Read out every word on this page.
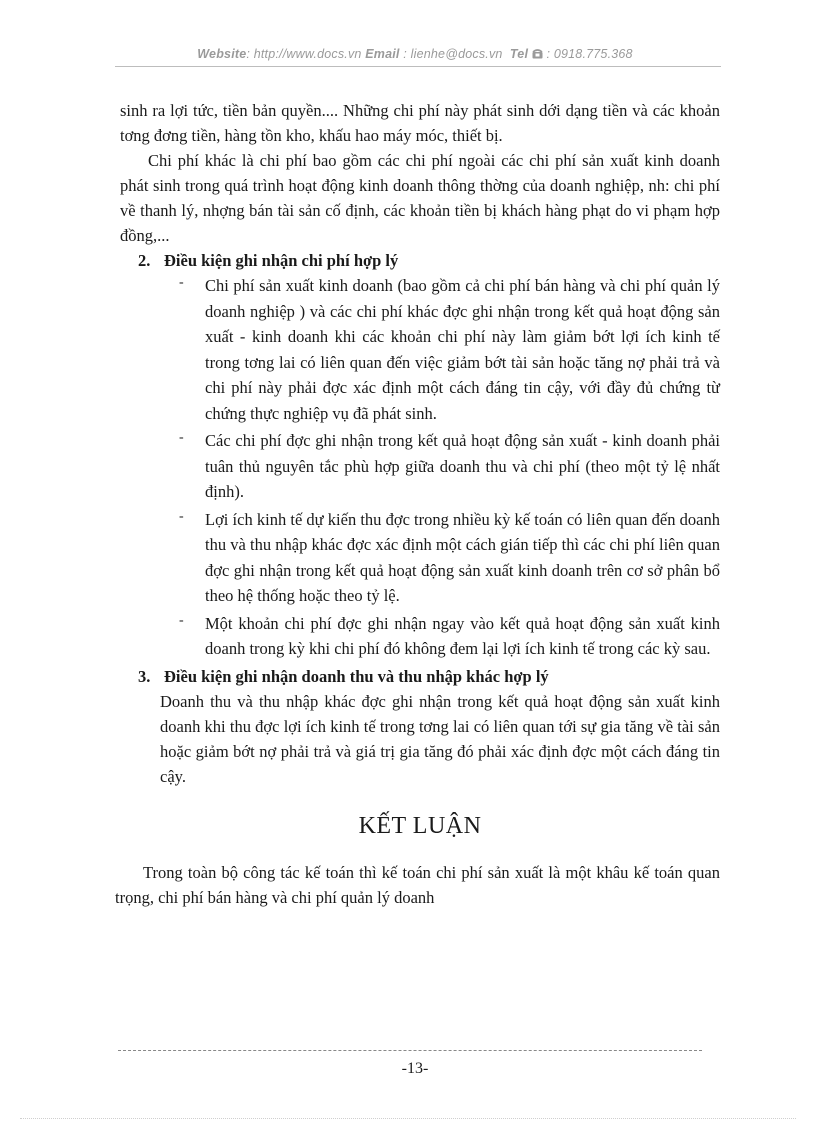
Website: http://www.docs.vn Email : lienhe@docs.vn Tel : 0918.775.368

sinh ra lợi tức, tiền bản quyền.... Những chi phí này phát sinh dới dạng tiền và các khoản tơng đơng tiền, hàng tồn kho, khấu hao máy móc, thiết bị.

Chi phí khác là chi phí bao gồm các chi phí ngoài các chi phí sản xuất kinh doanh phát sinh trong quá trình hoạt động kinh doanh thông thờng của doanh nghiệp, nh: chi phí về thanh lý, nhợng bán tài sản cố định, các khoản tiền bị khách hàng phạt do vi phạm hợp đồng,...

2. Điều kiện ghi nhận chi phí hợp lý

- Chi phí sản xuất kinh doanh (bao gồm cả chi phí bán hàng và chi phí quản lý doanh nghiệp ) và các chi phí khác đợc ghi nhận trong kết quả hoạt động sản xuất - kinh doanh khi các khoản chi phí này làm giảm bớt lợi ích kinh tế trong tơng lai có liên quan đến việc giảm bớt tài sản hoặc tăng nợ phải trả và chi phí này phải đợc xác định một cách đáng tin cậy, với đầy đủ chứng từ chứng thực nghiệp vụ đã phát sinh.
- Các chi phí đợc ghi nhận trong kết quả hoạt động sản xuất - kinh doanh phải tuân thủ nguyên tắc phù hợp giữa doanh thu và chi phí (theo một tỷ lệ nhất định).
- Lợi ích kinh tế dự kiến thu đợc trong nhiều kỳ kế toán có liên quan đến doanh thu và thu nhập khác đợc xác định một cách gián tiếp thì các chi phí liên quan đợc ghi nhận trong kết quả hoạt động sản xuất kinh doanh trên cơ sở phân bổ theo hệ thống hoặc theo tỷ lệ.
- Một khoản chi phí đợc ghi nhận ngay vào kết quả hoạt động sản xuất kinh doanh trong kỳ khi chi phí đó không đem lại lợi ích kinh tế trong các kỳ sau.

3. Điều kiện ghi nhận doanh thu và thu nhập khác hợp lý

Doanh thu và thu nhập khác đợc ghi nhận trong kết quả hoạt động sản xuất kinh doanh khi thu đợc lợi ích kinh tế trong tơng lai có liên quan tới sự gia tăng về tài sản hoặc giảm bớt nợ phải trả và giá trị gia tăng đó phải xác định đợc một cách đáng tin cậy.

KẾT LUẬN

Trong toàn bộ công tác kế toán thì kế toán chi phí sản xuất là một khâu kế toán quan trọng, chi phí bán hàng và chi phí quản lý doanh

-13-
